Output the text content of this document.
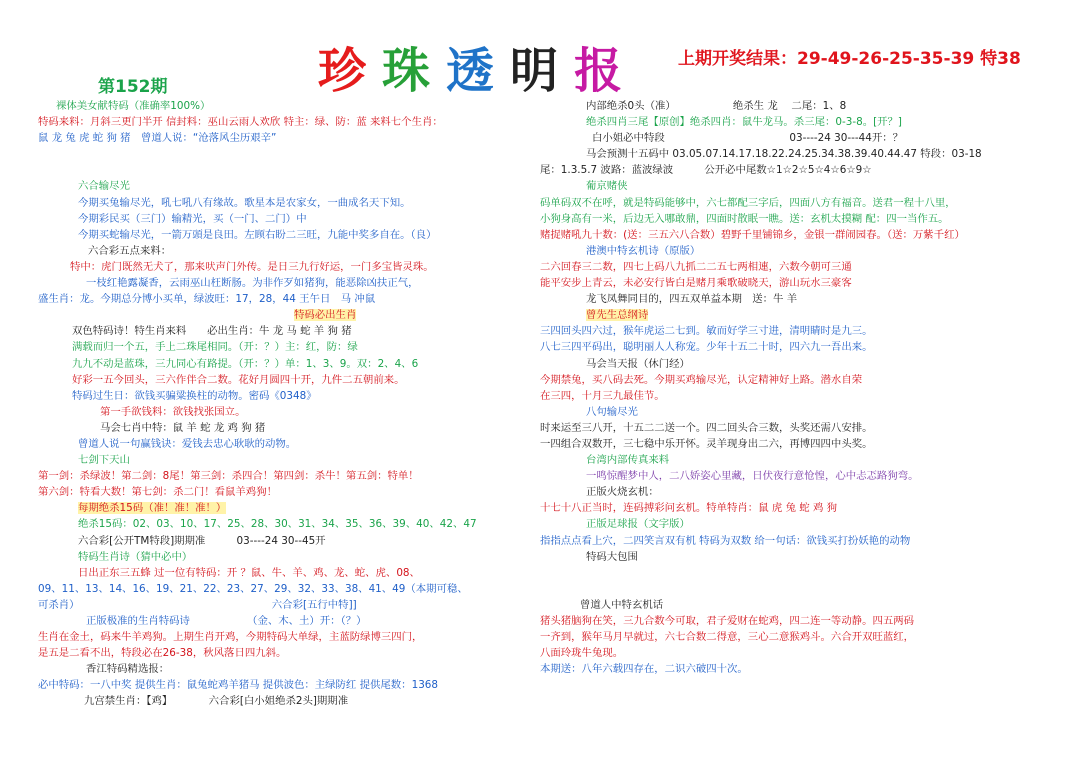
珍 珠 透 明 报	上期开奖结果：29-49-26-25-35-39 特38
第152期
裸体美女献特码（准确率100%）
特码来料：月斜三更门半开 信封料：巫山云雨人欢欣 特主：绿、防：蓝 来料七个生肖：
鼠 龙 兔 虎 蛇 狗 猪　曾道人说：“沧落风尘历艰辛”
六合输尽光
今期买兔输尽光，吼七吼八有缘故。歌星本是农家女，一曲成名天下知。
今期彩民买（三门）输精光，买（一门、二门）中
今期买蛇输尽光，一箭万頭是良田。左顾右盼二三旺，九能中奖多自在。（良）
六合彩五点来料：
特中：虎门既然无犬了，那来吠声门外传。是日三九行好运，一门多宝皆灵珠。
一枝红艳露凝香，云雨巫山枉断肠。为非作歹如猪狗，能恶除凶扶正气，
盛生肖：龙。今期总分博小买单，绿波旺：17，28，44 王午日　马 冲鼠
特码必出生肖
双色特码诗！特生肖来料　　必出生肖：牛 龙 马 蛇 羊 狗 猪
满载而归一个五，手上二珠尾相同。（开：？）主：红，防：绿
九九不动是蓝珠，三九同心有路提。（开：？）单：1、3、9。双：2、4、6
好彩一五今回头，三六作伴合二数。花好月圆四十开，九件二五朝前来。
特码过生日：欲钱买骗粱换柱的动物。密码《0348》
第一手欲钱料：欲钱找张国立。
马会七肖中特：鼠 羊 蛇 龙 鸡 狗 猪
曾道人说一句赢钱诀：爱钱去忠心耿耿的动物。
七剑下天山
第一剑：杀绿波！第二剑：8尾！第三剑：杀四合！第四剑：杀牛！第五剑：特单！
第六剑：特看大数！第七剑：杀二门！看鼠羊鸡狗！
每期绝杀15码（准！准！准！）
绝杀15码：02、03、10、17、25、28、30、31、34、35、36、39、40、42、47
六合彩[公开TM特段]期期准　　　03----24 30--45开
特码生肖诗（猜中必中）
日出正东三五蜂 过一位有特码：开 ？鼠、牛、羊、鸡、龙、蛇、虎、08、
09、11、13、14、16、19、21、22、23、27、29、32、33、38、41、49（本期可稳、
可杀肖）　　　　　　　　　　　　　　　　　　　六合彩[五行中特]]
正版极准的生肖特码诗　　　　　　（金、木、土）开：（？）
生肖在金土，码来牛羊鸡狗。上期生肖开鸡，今期特码大单绿，主蓝防绿博三四门，
是五是二看不出，特段必在26-38，秋风落日四九斜。
香江特码精选报：
必中特码：一八中奖 提供生肖：鼠兔蛇鸡羊猪马 提供波色：主绿防红 提供尾数：1368
九宫禁生肖：【鸡】　　　　六合彩[白小姐绝杀2头]期期准
内部绝杀0头（准）　　　　　　绝杀生 龙　 二尾：1、8
绝杀四肖三尾【原创】绝杀四肖：鼠牛龙马。杀三尾：0-3-8。[开？]
白小姐必中特段　　　　　　　　　　　　03----24 30---44开：？
马会预测十五码中 03.05.07.14.17.18.22.24.25.34.38.39.40.44.47 特段：03-18
尾：1.3.5.7 波路：蓝波绿波　　　公开必中尾数☆1☆2☆5☆4☆6☆9☆
葡京赌侠
码单码双不在呼，就是特码能够中，六七都配三字后，四面八方有福音。送君一程十八里，
小狗身高有一米，后边无入哪敢鼎，四面时散眠一瞧。送：玄机太摸糊 配：四一当作五。
赌捉赌吼九十数：(送：三五六八合数）碧野千里铺锦乡，金银一群闹园春。（送：万紫千红）
港澳中特玄机诗（原版）
二六回春三二数，四七上码八九抓二二五七两相連，六数今朝可三通
能平安步上青云，未必安行皆白是赌月乘歌破晓天，游山玩水三豪客
龙飞凤舞同目的，四五双单益本期　送：牛 羊
曾先生总纲诗
三四回头四六过，猴年虎运二七到。敏而好学三寸进，清明睛时是九三。
八七三四平码出，聪明丽人人称宠。少年十五二十时，四六九一吾出来。
马会当天报（休门经）
今期禁兔，买八码去死。今期买鸡输尽光，认定精神好上路。潜水自荣
在三四，十月三九最佳节。
八句输尽光
时来运至三八开，十五二二送一个。四二回头合三数，头奖还需八安排。
一四组合双数开，三七稳中乐开怀。灵羊现身出二六，再博四四中头奖。
台湾内部传真来料
一鸣惊醒梦中人，二八娇姿心里藏，日伏夜行意怆惶，心中忐忑路狗弯。
正版火烧玄机：
十七十八正当时，连码搏彩问玄机。特单特肖：鼠 虎 兔 蛇 鸡 狗
正版足球报（文字版）
指指点点看上穴，二四笑言双有机 特码为双数 给一句话：欲钱买打扮妖艳的动物
特码大包围
曾道人中特玄机话
猪头猪脑狗在笑，三九合数今可取，君子爱财在蛇鸡，四二连一等动静。四五两码
一齐到，猴年马月早就过，六七合数二得意，三心二意猴鸡斗。六合开双旺蓝红，
八面玲珑牛兔现。
本期送：八年六载四存在，二识六破四十次。
